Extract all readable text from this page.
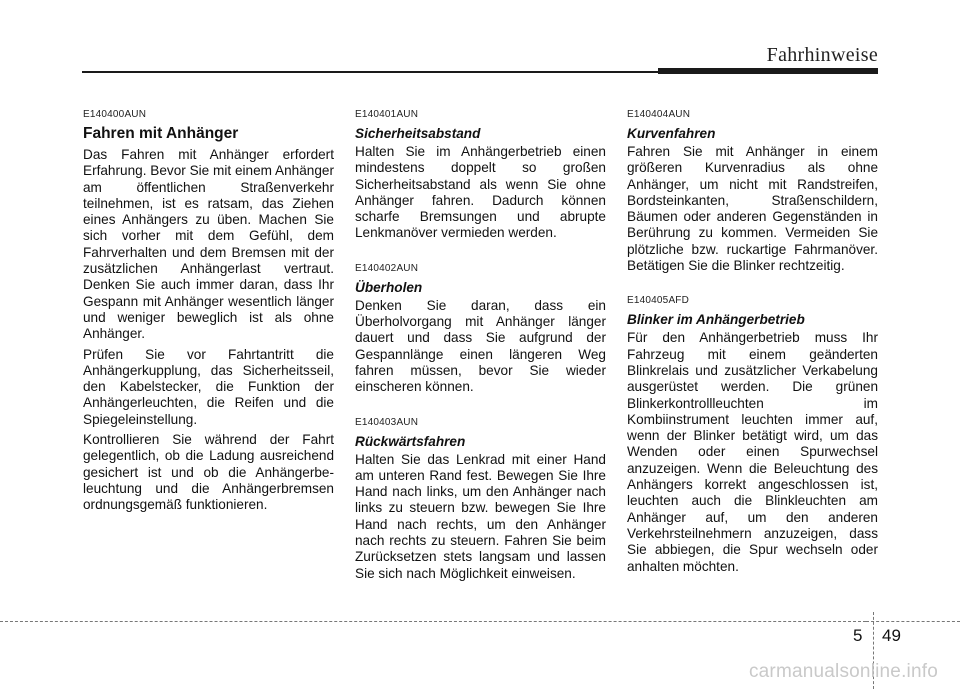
Fahrhinweise
E140400AUN
Fahren mit Anhänger

Das Fahren mit Anhänger erfordert Erfahrung. Bevor Sie mit einem Anhänger am öffentlichen Straßenverkehr teilnehmen, ist es ratsam, das Ziehen eines Anhängers zu üben. Machen Sie sich vorher mit dem Gefühl, dem Fahrverhalten und dem Bremsen mit der zusätzlichen Anhängerlast vertraut. Denken Sie auch immer daran, dass Ihr Gespann mit Anhänger wesentlich länger und weniger beweglich ist als ohne Anhänger.

Prüfen Sie vor Fahrtantritt die Anhängerkupplung, das Sicherheitsseil, den Kabelstecker, die Funktion der Anhängerleuchten, die Reifen und die Spiegeleinstellung.

Kontrollieren Sie während der Fahrt gelegentlich, ob die Ladung ausreichend gesichert ist und ob die Anhängerbe-leuchtung und die Anhängerbremsen ordnungsgemäß funktionieren.

E140401AUN
Sicherheitsabstand

Halten Sie im Anhängerbetrieb einen mindestens doppelt so großen Sicherheitsabstand als wenn Sie ohne Anhänger fahren. Dadurch können scharfe Bremsungen und abrupte Lenkmanöver vermieden werden.

E140402AUN
Überholen

Denken Sie daran, dass ein Überholvorgang mit Anhänger länger dauert und dass Sie aufgrund der Gespannlänge einen längeren Weg fahren müssen, bevor Sie wieder einscheren können.

E140403AUN
Rückwärtsfahren

Halten Sie das Lenkrad mit einer Hand am unteren Rand fest. Bewegen Sie Ihre Hand nach links, um den Anhänger nach links zu steuern bzw. bewegen Sie Ihre Hand nach rechts, um den Anhänger nach rechts zu steuern. Fahren Sie beim Zurücksetzen stets langsam und lassen Sie sich nach Möglichkeit einweisen.

E140404AUN
Kurvenfahren

Fahren Sie mit Anhänger in einem größeren Kurvenradius als ohne Anhänger, um nicht mit Randstreifen, Bordsteinkanten, Straßenschildern, Bäumen oder anderen Gegenständen in Berührung zu kommen. Vermeiden Sie plötzliche bzw. ruckartige Fahrmanöver. Betätigen Sie die Blinker rechtzeitig.

E140405AFD
Blinker im Anhängerbetrieb

Für den Anhängerbetrieb muss Ihr Fahrzeug mit einem geänderten Blinkrelais und zusätzlicher Verkabelung ausgerüstet werden. Die grünen Blinkerkontrollleuchten im Kombiinstrument leuchten immer auf, wenn der Blinker betätigt wird, um das Wenden oder einen Spurwechsel anzuzeigen. Wenn die Beleuchtung des Anhängers korrekt angeschlossen ist, leuchten auch die Blinkleuchten am Anhänger auf, um den anderen Verkehrsteilnehmern anzuzeigen, dass Sie abbiegen, die Spur wechseln oder anhalten möchten.

5 49
carmanualsonline.info
